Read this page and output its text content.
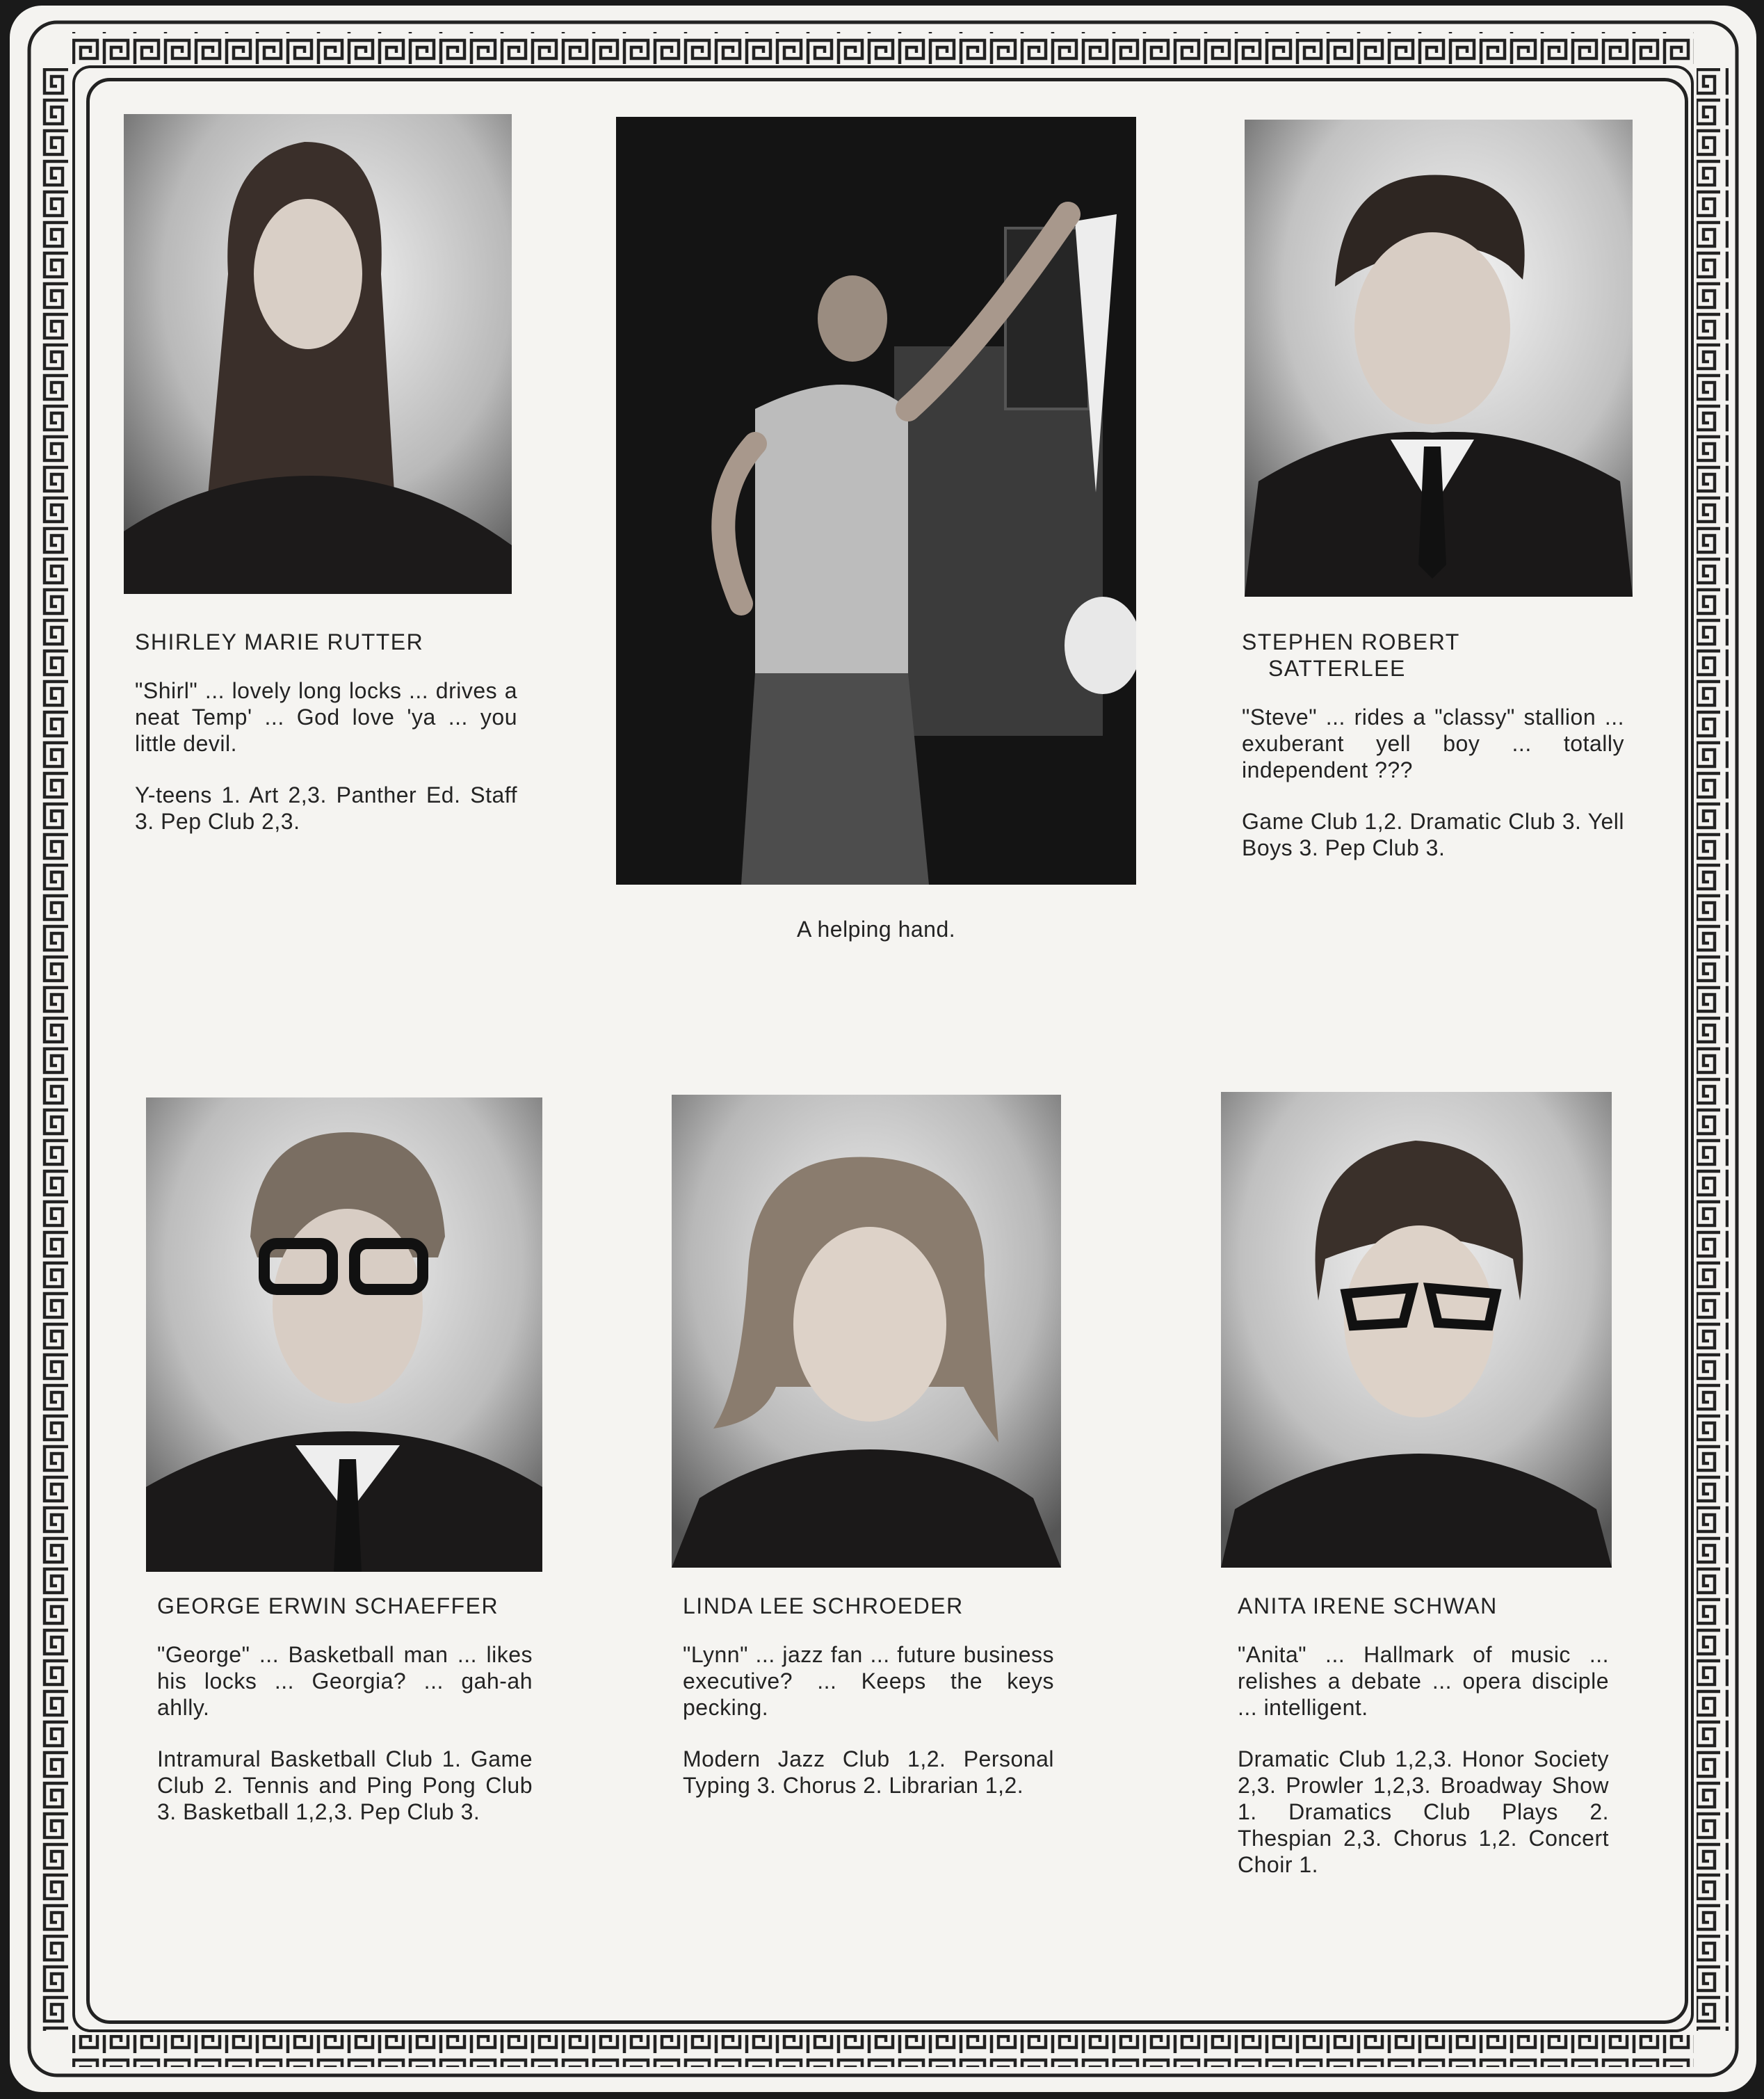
SHIRLEY MARIE RUTTER
"Shirl" ... lovely long locks ... drives a neat Temp' ... God love 'ya ... you little devil.
Y-teens 1. Art 2,3. Panther Ed. Staff 3. Pep Club 2,3.
A helping hand.
STEPHEN ROBERT
SATTERLEE
"Steve" ... rides a "classy" stallion ... exuberant yell boy ... totally independent ???
Game Club 1,2. Dramatic Club 3. Yell Boys 3. Pep Club 3.
GEORGE ERWIN SCHAEFFER
"George" ... Basketball man ... likes his locks ... Georgia? ... gah-ah ahlly.
Intramural Basketball Club 1. Game Club 2. Tennis and Ping Pong Club 3. Basketball 1,2,3. Pep Club 3.
LINDA LEE SCHROEDER
"Lynn" ... jazz fan ... future business executive? ... Keeps the keys pecking.
Modern Jazz Club 1,2. Personal Typing 3. Chorus 2. Librarian 1,2.
ANITA IRENE SCHWAN
"Anita" ... Hallmark of music ... relishes a debate ... opera disciple ... intelligent.
Dramatic Club 1,2,3. Honor Society 2,3. Prowler 1,2,3. Broadway Show 1. Dramatics Club Plays 2. Thespian 2,3. Chorus 1,2. Concert Choir 1.
